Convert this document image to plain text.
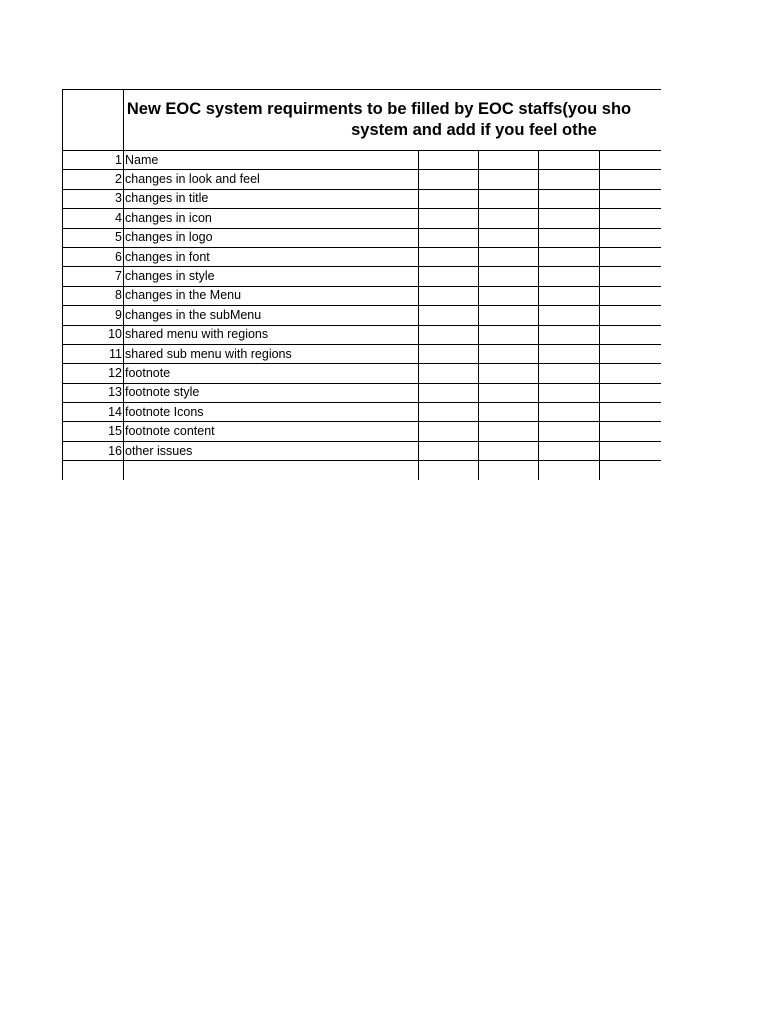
	New EOC system requirments to be filled by EOC staffs(you sho
system and add if you feel othe				

1	Name				
2	changes in look and feel				
3	changes in title				
4	changes in icon				
5	changes in logo				
6	changes in font				
7	changes in style				
8	changes in the Menu				
9	changes in the subMenu				
10	shared menu with regions				
11	shared sub menu with regions				
12	footnote				
13	footnote style				
14	footnote Icons				
15	footnote content				
16	other issues				
